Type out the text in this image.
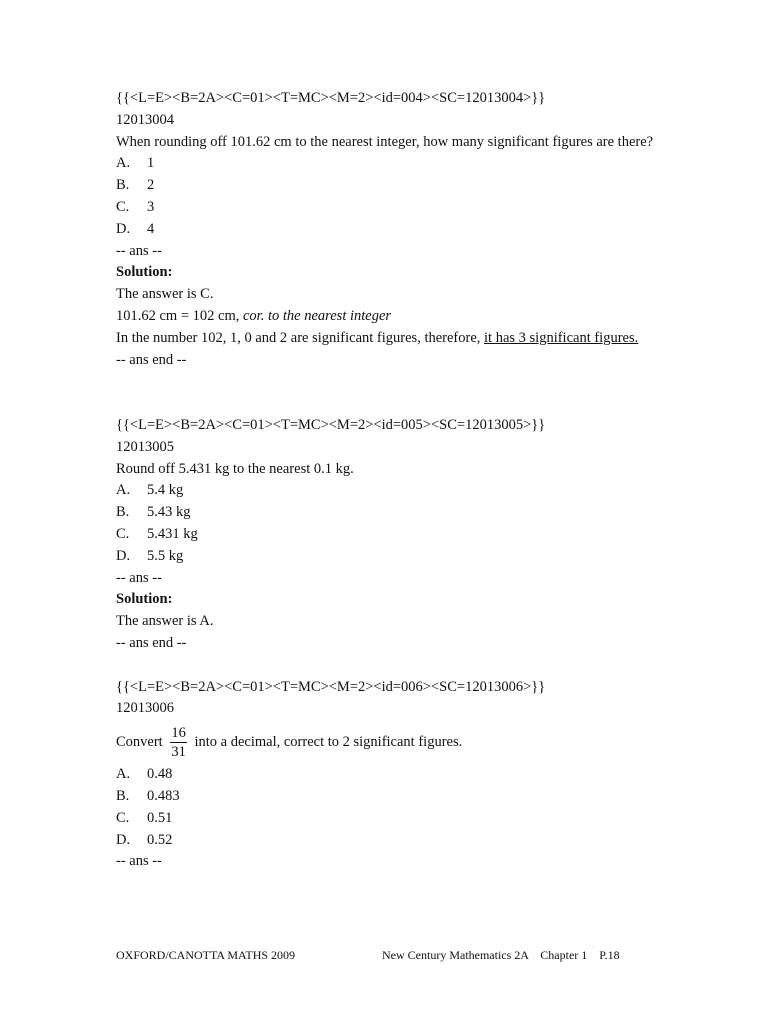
{{<L=E><B=2A><C=01><T=MC><M=2><id=004><SC=12013004>}}
12013004
When rounding off 101.62 cm to the nearest integer, how many significant figures are there?
A. 1
B. 2
C. 3
D. 4
-- ans --
Solution:
The answer is C.
101.62 cm = 102 cm, cor. to the nearest integer
In the number 102, 1, 0 and 2 are significant figures, therefore, it has 3 significant figures.
-- ans end --
{{<L=E><B=2A><C=01><T=MC><M=2><id=005><SC=12013005>}}
12013005
Round off 5.431 kg to the nearest 0.1 kg.
A. 5.4 kg
B. 5.43 kg
C. 5.431 kg
D. 5.5 kg
-- ans --
Solution:
The answer is A.
-- ans end --
{{<L=E><B=2A><C=01><T=MC><M=2><id=006><SC=12013006>}}
12013006
Convert $\frac{16}{31}$ into a decimal, correct to 2 significant figures.
A. 0.48
B. 0.483
C. 0.51
D. 0.52
-- ans --
OXFORD/CANOTTA MATHS 2009	New Century Mathematics 2A    Chapter 1    P.18
